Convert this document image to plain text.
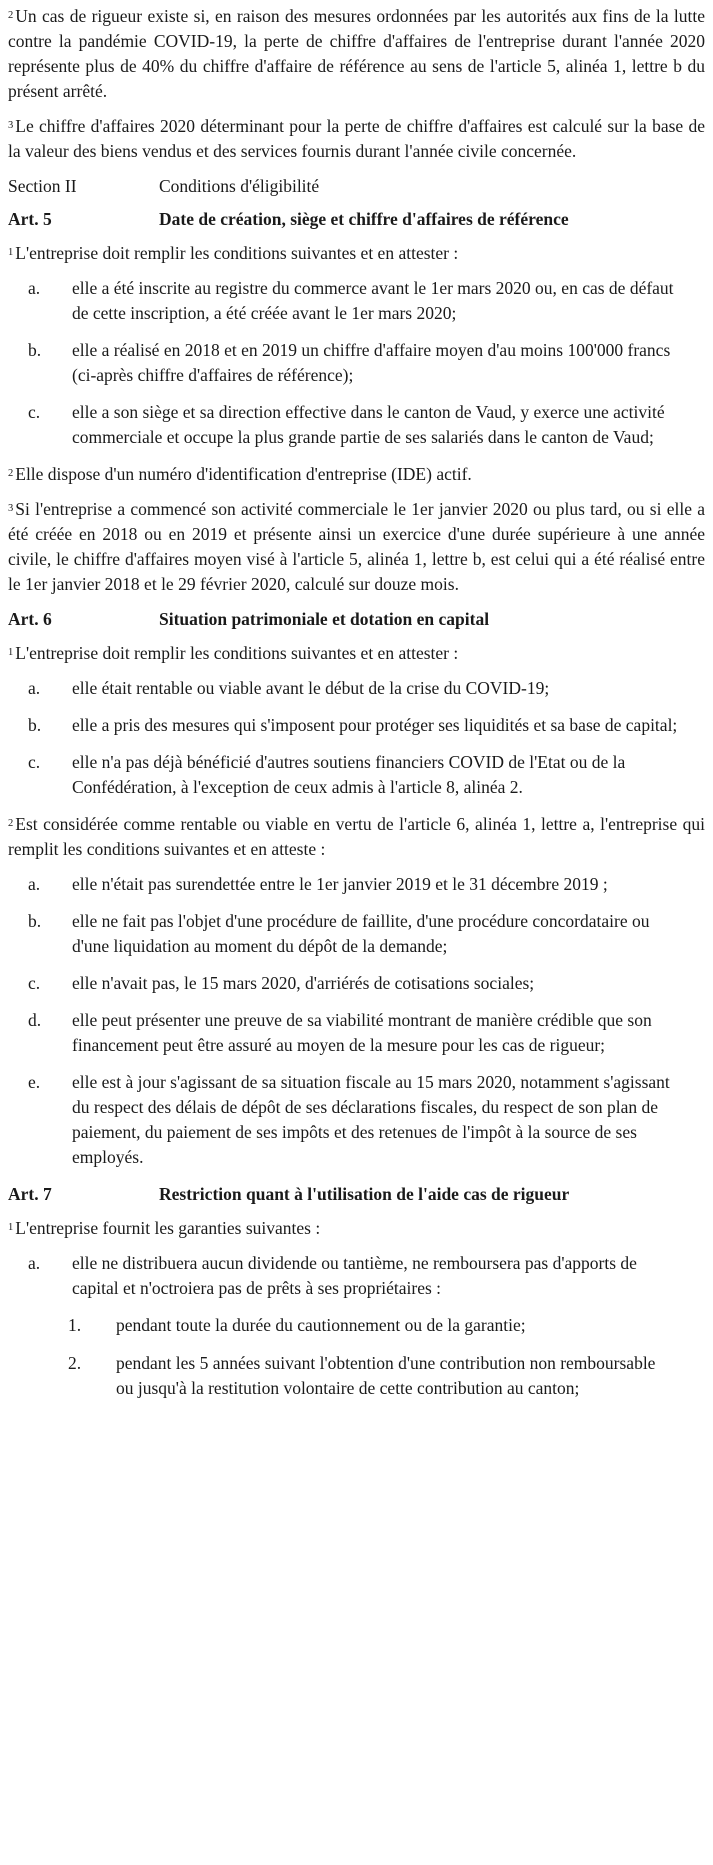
$^2$ Un cas de rigueur existe si, en raison des mesures ordonnées par les autorités aux fins de la lutte contre la pandémie COVID-19, la perte de chiffre d'affaires de l'entreprise durant l'année 2020 représente plus de 40% du chiffre d'affaire de référence au sens de l'article 5, alinéa 1, lettre b du présent arrêté.

$^3$ Le chiffre d'affaires 2020 déterminant pour la perte de chiffre d'affaires est calculé sur la base de la valeur des biens vendus et des services fournis durant l'année civile concernée.

Section II	Conditions d'éligibilité
Art. 5	Date de création, siège et chiffre d'affaires de référence

$^1$ L'entreprise doit remplir les conditions suivantes et en attester :

a.	elle a été inscrite au registre du commerce avant le 1er mars 2020 ou, en cas de défaut de cette inscription, a été créée avant le 1er mars 2020;
b.	elle a réalisé en 2018 et en 2019 un chiffre d'affaire moyen d'au moins 100'000 francs (ci-après chiffre d'affaires de référence);
c.	elle a son siège et sa direction effective dans le canton de Vaud, y exerce une activité commerciale et occupe la plus grande partie de ses salariés dans le canton de Vaud;

$^2$ Elle dispose d'un numéro d'identification d'entreprise (IDE) actif.

$^3$ Si l'entreprise a commencé son activité commerciale le 1er janvier 2020 ou plus tard, ou si elle a été créée en 2018 ou en 2019 et présente ainsi un exercice d'une durée supérieure à une année civile, le chiffre d'affaires moyen visé à l'article 5, alinéa 1, lettre b, est celui qui a été réalisé entre le 1er janvier 2018 et le 29 février 2020, calculé sur douze mois.

Art. 6	Situation patrimoniale et dotation en capital

$^1$ L'entreprise doit remplir les conditions suivantes et en attester :

a.	elle était rentable ou viable avant le début de la crise du COVID-19;
b.	elle a pris des mesures qui s'imposent pour protéger ses liquidités et sa base de capital;
c.	elle n'a pas déjà bénéficié d'autres soutiens financiers COVID de l'Etat ou de la Confédération, à l'exception de ceux admis à l'article 8, alinéa 2.

$^2$ Est considérée comme rentable ou viable en vertu de l'article 6, alinéa 1, lettre a, l'entreprise qui remplit les conditions suivantes et en atteste :

a.	elle n'était pas surendettée entre le 1er janvier 2019 et le 31 décembre 2019 ;
b.	elle ne fait pas l'objet d'une procédure de faillite, d'une procédure concordataire ou d'une liquidation au moment du dépôt de la demande;
c.	elle n'avait pas, le 15 mars 2020, d'arriérés de cotisations sociales;
d.	elle peut présenter une preuve de sa viabilité montrant de manière crédible que son financement peut être assuré au moyen de la mesure pour les cas de rigueur;
e.	elle est à jour s'agissant de sa situation fiscale au 15 mars 2020, notamment s'agissant du respect des délais de dépôt de ses déclarations fiscales, du respect de son plan de paiement, du paiement de ses impôts et des retenues de l'impôt à la source de ses employés.
Art. 7	Restriction quant à l'utilisation de l'aide cas de rigueur

$^1$ L'entreprise fournit les garanties suivantes :

a.	elle ne distribuera aucun dividende ou tantième, ne remboursera pas d'apports de capital et n'octroiera pas de prêts à ses propriétaires :
1.	pendant toute la durée du cautionnement ou de la garantie;
2.	pendant les 5 années suivant l'obtention d'une contribution non remboursable ou jusqu'à la restitution volontaire de cette contribution au canton;
